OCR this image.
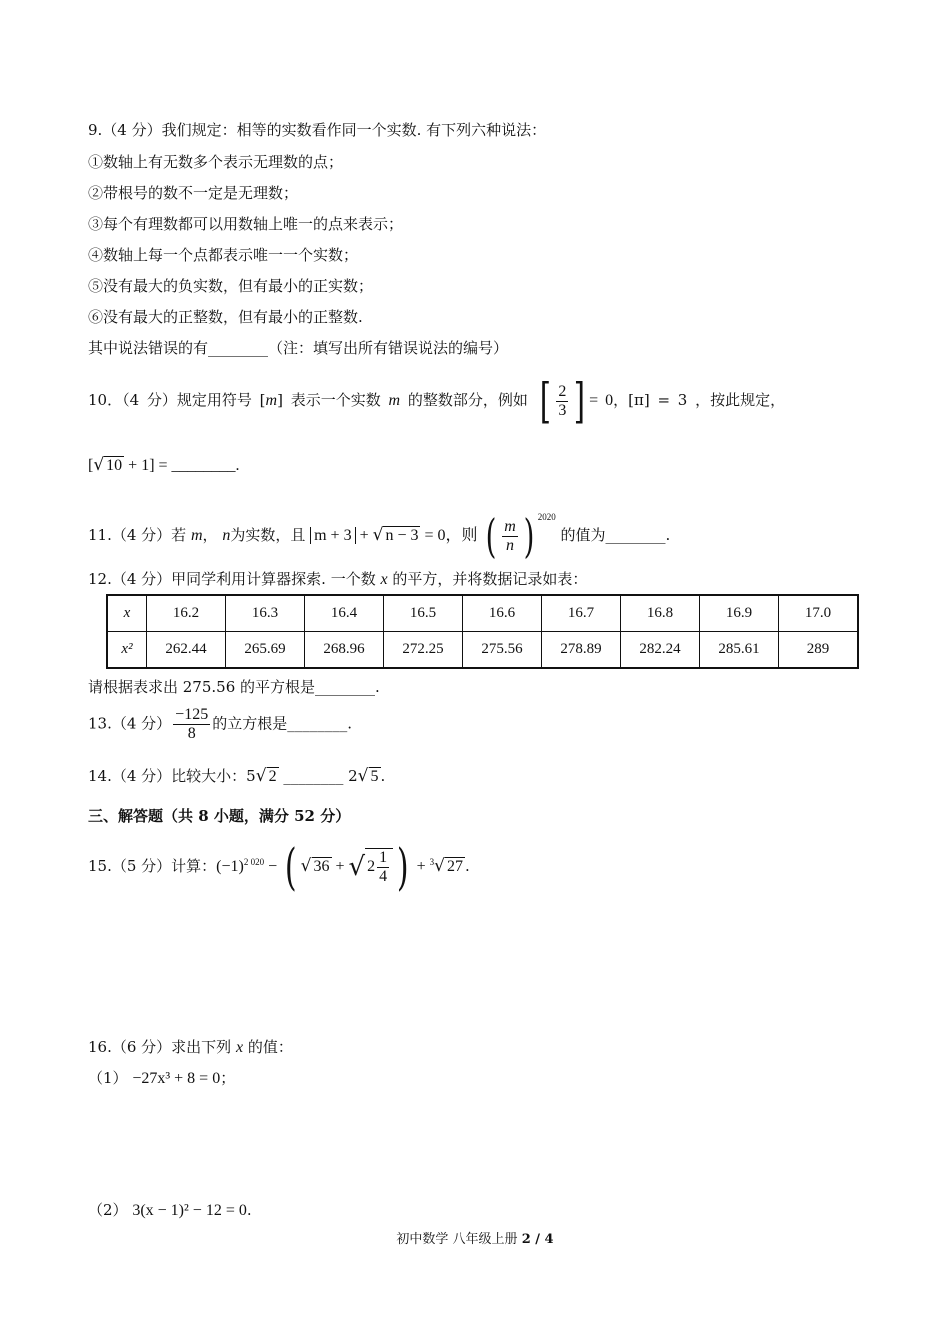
9.（4 分）我们规定：相等的实数看作同一个实数. 有下列六种说法：
①数轴上有无数多个表示无理数的点；
②带根号的数不一定是无理数；
③每个有理数都可以用数轴上唯一的点来表示；
④数轴上每一个点都表示唯一一个实数；
⑤没有最大的负实数，但有最小的正实数；
⑥没有最大的正整数，但有最小的正整数.
其中说法错误的有________（注：填写出所有错误说法的编号）
10．（4 分）规定用符号 [m] 表示一个实数 m 的整数部分，例如 [ $\frac{2}{3}$ ] = 0，[π] = 3 ，按此规定，
[√ 10 + 1] = ________.
11.（4 分）若 m， n为实数，且 m + 3 + √ n − 3 = 0，则 ( $\frac{m}{n}$ ) $^{2020}$ 的值为________.
12.（4 分）甲同学利用计算器探索. 一个数 x 的平方，并将数据记录如表：
x	16.2	16.3	16.4	16.5	16.6	16.7	16.8	16.9	17.0
x²	262.44	265.69	268.96	272.25	275.56	278.89	282.24	285.61	289
请根据表求出 275.56 的平方根是________.
13.（4 分） $\frac{-125}{8}$ 的立方根是________.
14.（4 分）比较大小：5√ 2 ________ 2√ 5 .
三、解答题（共 8 小题，满分 52 分）
15.（5 分）计算：$(-1)^{2 020}$ − ( √ 36 + √ $2 \frac{1}{4}$ ) + $^3$√ 27 .
16.（6 分）求出下列 x 的值：
（1） −27x³ + 8 = 0；
（2） 3(x − 1)² − 12 = 0.
初中数学 八年级上册 2 / 4
